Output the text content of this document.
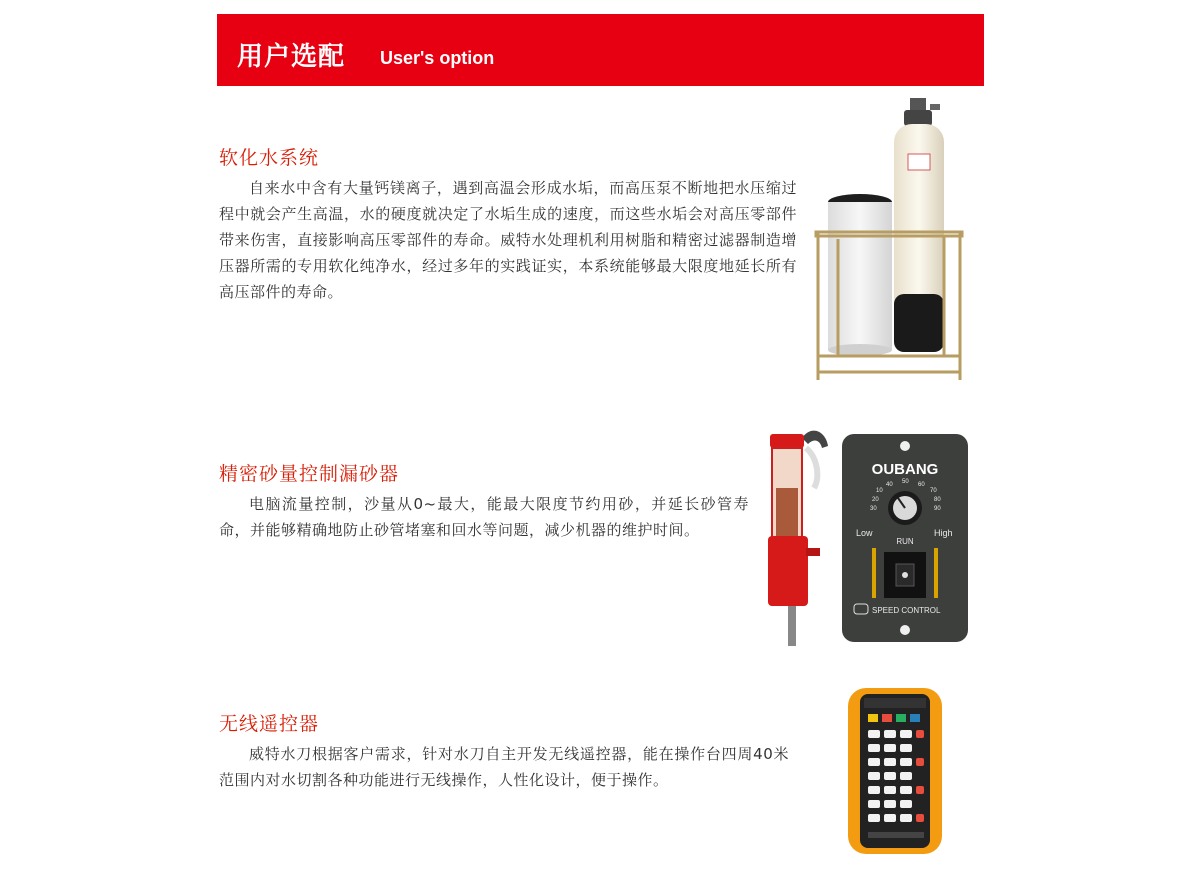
用户选配 User's option
软化水系统
自来水中含有大量钙镁离子，遇到高温会形成水垢，而高压泵不断地把水压缩过程中就会产生高温，水的硬度就决定了水垢生成的速度，而这些水垢会对高压零部件带来伤害，直接影响高压零部件的寿命。威特水处理机利用树脂和精密过滤器制造增压器所需的专用软化纯净水，经过多年的实践证实，本系统能够最大限度地延长所有高压部件的寿命。
精密砂量控制漏砂器
电脑流量控制，沙量从0~最大，能最大限度节约用砂，并延长砂管寿命，并能够精确地防止砂管堵塞和回水等问题，减少机器的维护时间。
OUBANG
10
20
30
40 50 60
70
80
90
Low	High
RUN
SPEED CONTROL
无线遥控器
威特水刀根据客户需求，针对水刀自主开发无线遥控器，能在操作台四周40米范围内对水切割各种功能进行无线操作，人性化设计，便于操作。
